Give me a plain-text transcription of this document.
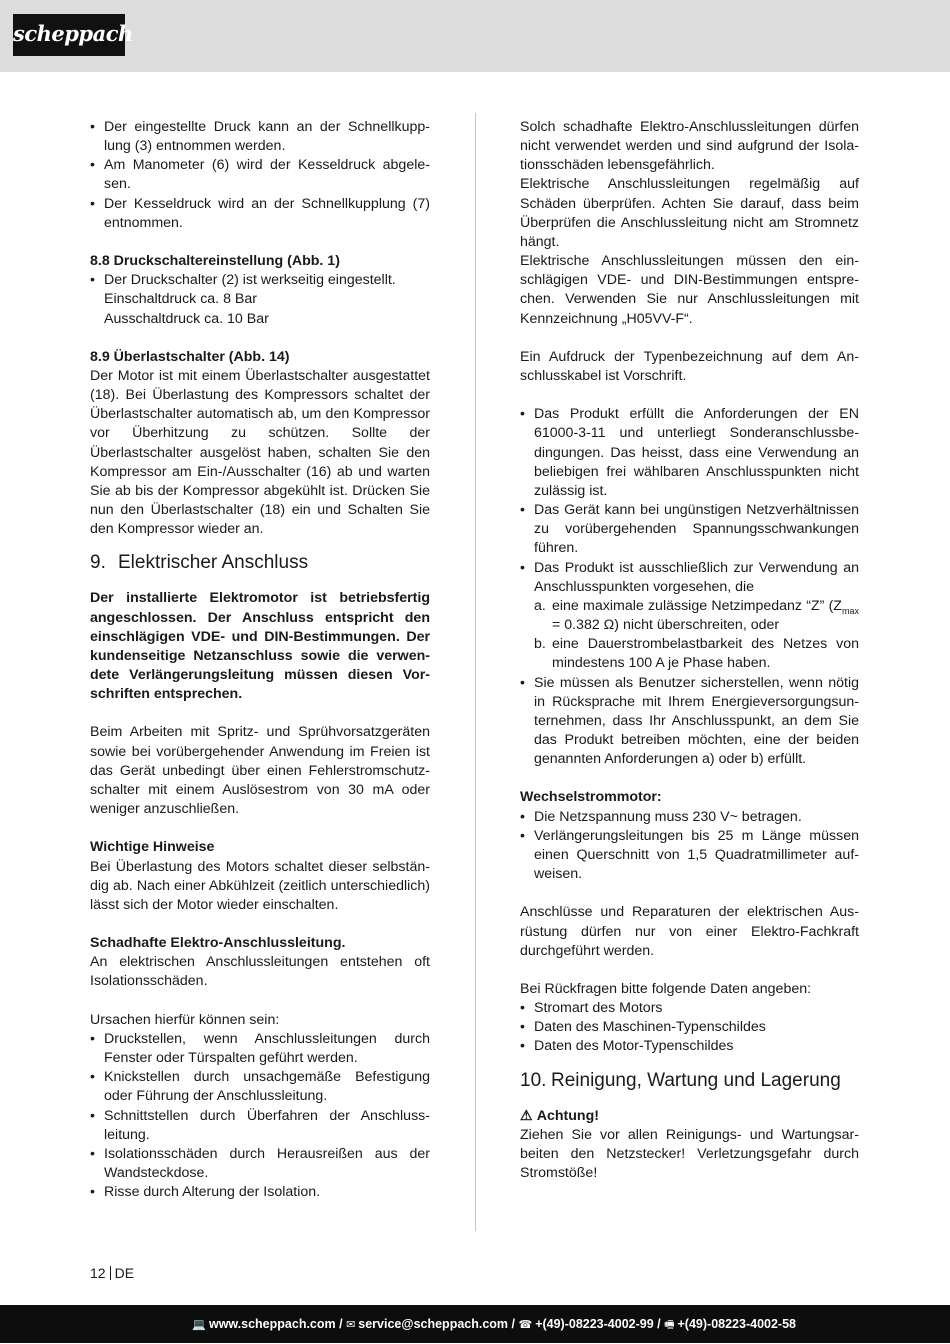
scheppach
• Der eingestellte Druck kann an der Schnellkupplung (3) entnommen werden.
• Am Manometer (6) wird der Kesseldruck abgelesen.
• Der Kesseldruck wird an der Schnellkupplung (7) entnommen.

8.8 Druckschaltereinstellung (Abb. 1)

• Der Druckschalter (2) ist werkseitig eingestellt.
Einschaltdruck ca. 8 Bar
Ausschaltdruck ca. 10 Bar

8.9 Überlastschalter (Abb. 14)

Der Motor ist mit einem Überlastschalter ausgestattet (18). Bei Überlastung des Kompressors schaltet der Überlastschalter automatisch ab, um den Kompressor vor Überhitzung zu schützen. Sollte der Überlastschalter ausgelöst haben, schalten Sie den Kompressor am Ein-/Ausschalter (16) ab und warten Sie ab bis der Kompressor abgekühlt ist. Drücken Sie nun den Überlastschalter (18) ein und Schalten Sie den Kompressor wieder an.

9. Elektrischer Anschluss

Der installierte Elektromotor ist betriebsfertig angeschlossen. Der Anschluss entspricht den einschlägigen VDE- und DIN-Bestimmungen. Der kundenseitige Netzanschluss sowie die verwendete Verlängerungsleitung müssen diesen Vorschriften entsprechen.

Beim Arbeiten mit Spritz- und Sprühvorsatzgeräten sowie bei vorübergehender Anwendung im Freien ist das Gerät unbedingt über einen Fehlerstromschutzschalter mit einem Auslösestrom von 30 mA oder weniger anzuschließen.

Wichtige Hinweise

Bei Überlastung des Motors schaltet dieser selbständig ab. Nach einer Abkühlzeit (zeitlich unterschiedlich) lässt sich der Motor wieder einschalten.

Schadhafte Elektro-Anschlussleitung.

An elektrischen Anschlussleitungen entstehen oft Isolationsschäden.

Ursachen hierfür können sein:

• Druckstellen, wenn Anschlussleitungen durch Fenster oder Türspalten geführt werden.
• Knickstellen durch unsachgemäße Befestigung oder Führung der Anschlussleitung.
• Schnittstellen durch Überfahren der Anschlussleitung.
• Isolationsschäden durch Herausreißen aus der Wandsteckdose.
• Risse durch Alterung der Isolation.

Solch schadhafte Elektro-Anschlussleitungen dürfen nicht verwendet werden und sind aufgrund der Isolationsschäden lebensgefährlich.

Elektrische Anschlussleitungen regelmäßig auf Schäden überprüfen. Achten Sie darauf, dass beim Überprüfen die Anschlussleitung nicht am Stromnetz hängt.

Elektrische Anschlussleitungen müssen den einschlägigen VDE- und DIN-Bestimmungen entsprechen. Verwenden Sie nur Anschlussleitungen mit Kennzeichnung „H05VV-F“.

Ein Aufdruck der Typenbezeichnung auf dem Anschlusskabel ist Vorschrift.

• Das Produkt erfüllt die Anforderungen der EN 61000-3-11 und unterliegt Sonderanschlussbedingungen. Das heisst, dass eine Verwendung an beliebigen frei wählbaren Anschlusspunkten nicht zulässig ist.
• Das Gerät kann bei ungünstigen Netzverhältnissen zu vorübergehenden Spannungsschwankungen führen.
• Das Produkt ist ausschließlich zur Verwendung an Anschlusspunkten vorgesehen, die
a. eine maximale zulässige Netzimpedanz “Z” ($Z_{max} = 0.382$ Ω) nicht überschreiten, oder
b. eine Dauerstrombelastbarkeit des Netzes von mindestens 100 A je Phase haben.
• Sie müssen als Benutzer sicherstellen, wenn nötig in Rücksprache mit Ihrem Energieversorgungsunternehmen, dass Ihr Anschlusspunkt, an dem Sie das Produkt betreiben möchten, eine der beiden genannten Anforderungen a) oder b) erfüllt.

Wechselstrommotor:

• Die Netzspannung muss 230 V~ betragen.
• Verlängerungsleitungen bis 25 m Länge müssen einen Querschnitt von 1,5 Quadratmillimeter aufweisen.

Anschlüsse und Reparaturen der elektrischen Ausrüstung dürfen nur von einer Elektro-Fachkraft durchgeführt werden.

Bei Rückfragen bitte folgende Daten angeben:

• Stromart des Motors
• Daten des Maschinen-Typenschildes
• Daten des Motor-Typenschildes
10. Reinigung, Wartung und Lagerung

⚠ Achtung!

Ziehen Sie vor allen Reinigungs- und Wartungsarbeiten den Netzstecker! Verletzungsgefahr durch Stromstöße!

12 DE
💻 www.scheppach.com / ✉ service@scheppach.com / ☎ +(49)-08223-4002-99 / 🖷 +(49)-08223-4002-58
